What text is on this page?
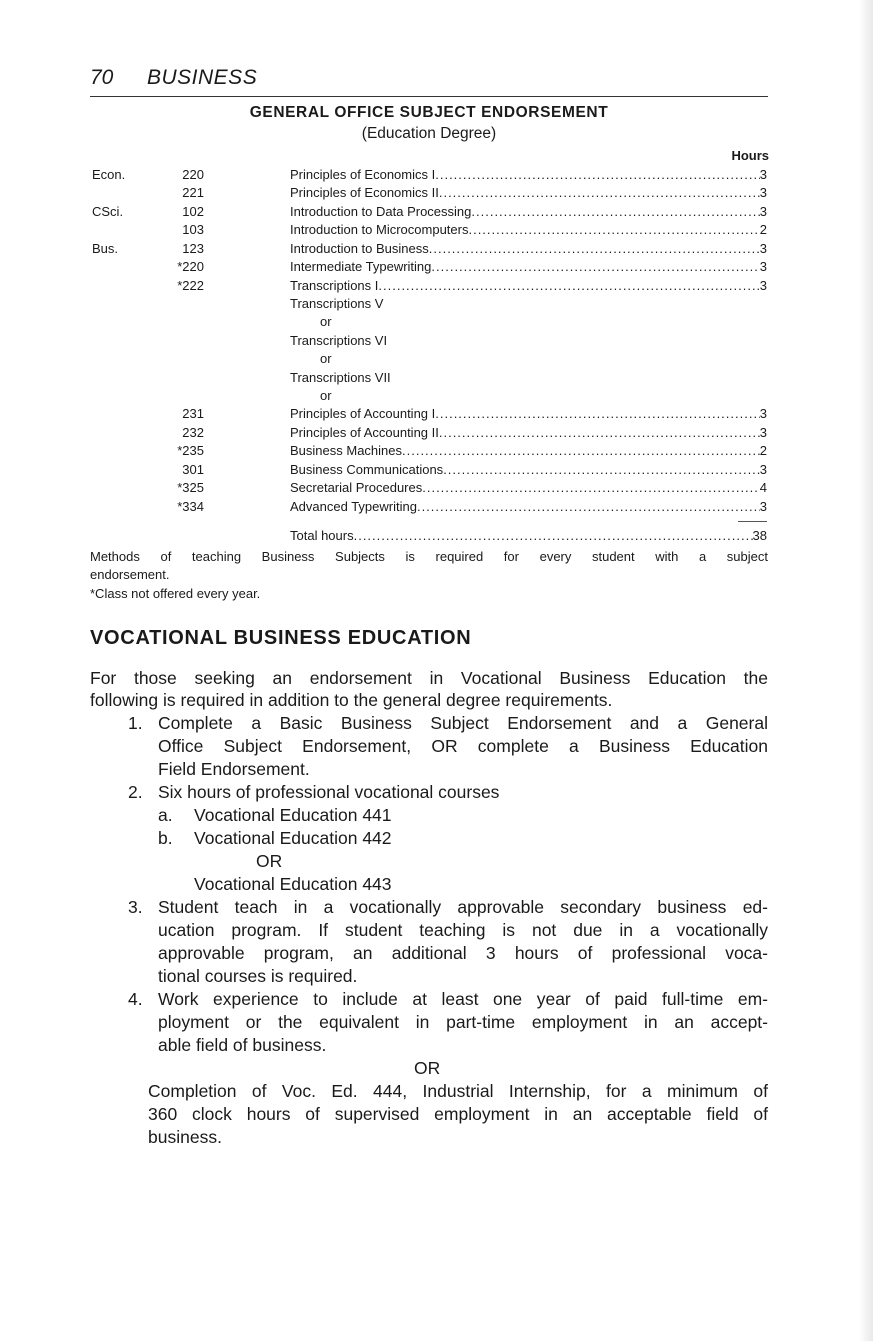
70 BUSINESS
GENERAL OFFICE SUBJECT ENDORSEMENT
(Education Degree)
Hours
Econ.	220	Principles of Economics I .....	3
221	Principles of Economics II .....	3
CSci.	102	Introduction to Data Processing .....	3
103	Introduction to Microcomputers .....	2
Bus.	123	Introduction to Business .....	3
*220	Intermediate Typewriting .....	3
*222	Transcriptions I .....	3
Transcriptions V
or
Transcriptions VI
or
Transcriptions VII
or
231	Principles of Accounting I .....	3
232	Principles of Accounting II .....	3
*235	Business Machines .....	2
301	Business Communications .....	3
*325	Secretarial Procedures .....	4
*334	Advanced Typewriting .....	3
Total hours .....	38
Methods of teaching Business Subjects is required for every student with a subject
endorsement.
*Class not offered every year.
VOCATIONAL BUSINESS EDUCATION
For those seeking an endorsement in Vocational Business Education the
following is required in addition to the general degree requirements.
1. Complete a Basic Business Subject Endorsement and a General
Office Subject Endorsement, OR complete a Business Education
Field Endorsement.
2. Six hours of professional vocational courses
a. Vocational Education 441
b. Vocational Education 442
OR
Vocational Education 443
3. Student teach in a vocationally approvable secondary business ed-
ucation program. If student teaching is not due in a vocationally
approvable program, an additional 3 hours of professional voca-
tional courses is required.
4. Work experience to include at least one year of paid full-time em-
ployment or the equivalent in part-time employment in an accept-
able field of business.
OR
Completion of Voc. Ed. 444, Industrial Internship, for a minimum of
360 clock hours of supervised employment in an acceptable field of
business.
